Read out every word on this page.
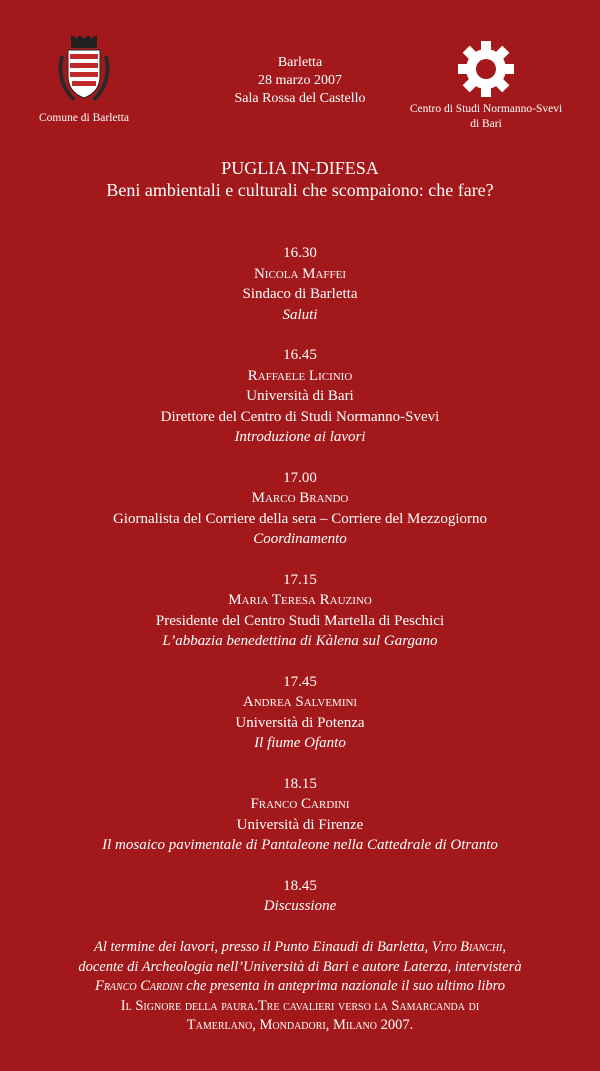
Comune di Barletta
Barletta
28 marzo 2007
Sala Rossa del Castello
Centro di Studi Normanno-Svevi
di Bari
PUGLIA IN-DIFESA
Beni ambientali e culturali che scompaiono: che fare?
16.30
Nicola Maffei
Sindaco di Barletta
Saluti
16.45
Raffaele Licinio
Università di Bari
Direttore del Centro di Studi Normanno-Svevi
Introduzione ai lavori
17.00
Marco Brando
Giornalista del Corriere della sera – Corriere del Mezzogiorno
Coordinamento
17.15
Maria Teresa Rauzino
Presidente del Centro Studi Martella di Peschici
L’abbazia benedettina di Kàlena sul Gargano
17.45
Andrea Salvemini
Università di Potenza
Il fiume Ofanto
18.15
Franco Cardini
Università di Firenze
Il mosaico pavimentale di Pantaleone nella Cattedrale di Otranto
18.45
Discussione
Al termine dei lavori, presso il Punto Einaudi di Barletta, Vito Bianchi,
docente di Archeologia nell’Università di Bari e autore Laterza, intervisterà
Franco Cardini che presenta in anteprima nazionale il suo ultimo libro
Il Signore della paura.Tre cavalieri verso la Samarcanda di
Tamerlano, Mondadori, Milano 2007.
